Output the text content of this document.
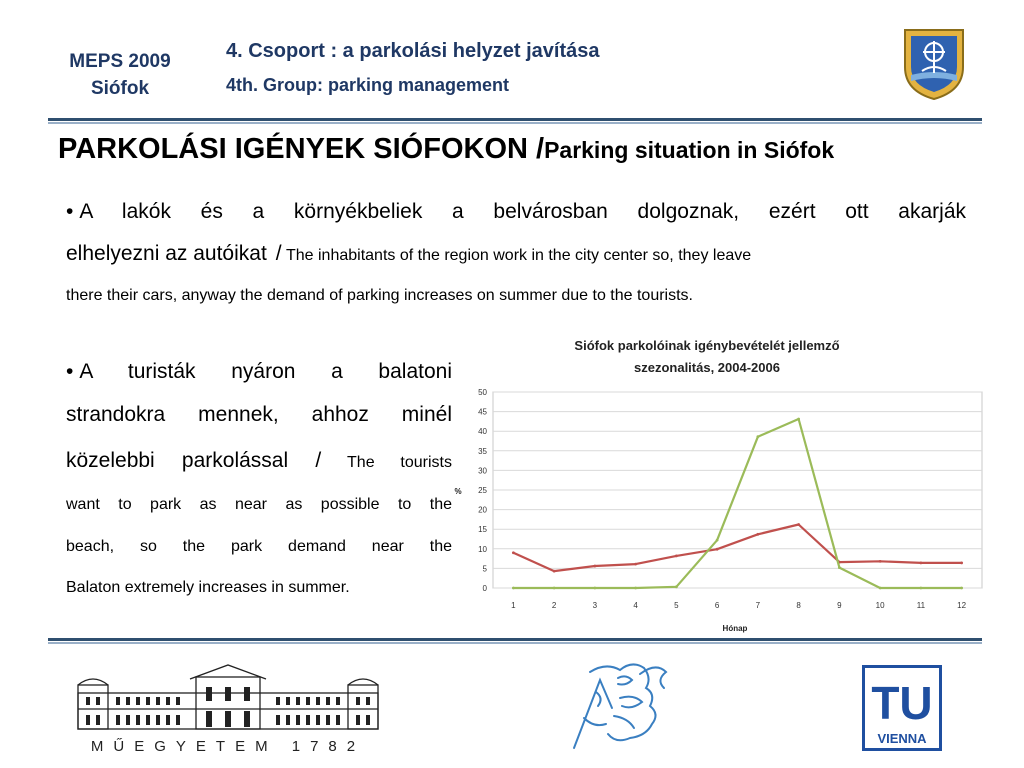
MEPS 2009
Siófok
4. Csoport : a parkolási helyzet javítása
4th. Group: parking management
PARKOLÁSI IGÉNYEK SIÓFOKON /Parking situation in Siófok
• A lakók és a környékbeliek a belvárosban dolgoznak, ezért ott akarják
elhelyezni az autóikat / The inhabitants of the region work in the city center so, they leave
there their cars, anyway the demand of parking increases on summer due to the tourists.
• A turisták nyáron a balatoni
strandokra mennek, ahhoz minél
közelebbi parkolással / The tourists
want to park as near as possible to the
beach, so the park demand near the
Balaton extremely increases in summer.
Siófok parkolóinak igénybevételét jellemző
szezonalitás, 2004-2006
%
Hónap
0
5
10
15
20
25
30
35
40
45
50
1	2	3	4	5	6	7	8	9	10	11	12
MŰEGYETEM 1782
TU
VIENNA
